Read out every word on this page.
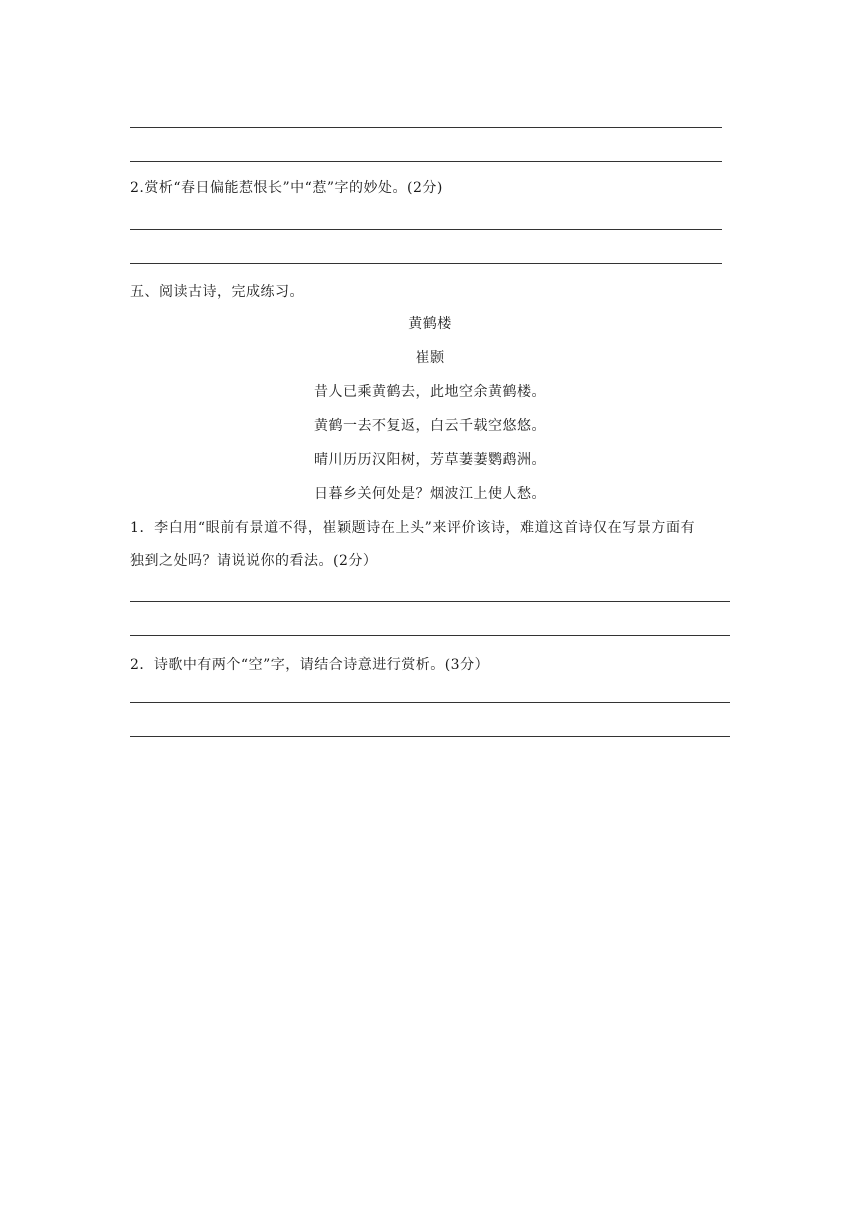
2.赏析“春日偏能惹恨长”中“惹”字的妙处。(2分)
五、阅读古诗，完成练习。
黄鹤楼
崔颢
昔人已乘黄鹤去，此地空余黄鹤楼。
黄鹤一去不复返，白云千载空悠悠。
晴川历历汉阳树，芳草萋萋鹦鹉洲。
日暮乡关何处是？烟波江上使人愁。
1．李白用“眼前有景道不得，崔颖题诗在上头”来评价该诗，难道这首诗仅在写景方面有
独到之处吗？请说说你的看法。(2分）
2．诗歌中有两个“空”字，请结合诗意进行赏析。(3分）
